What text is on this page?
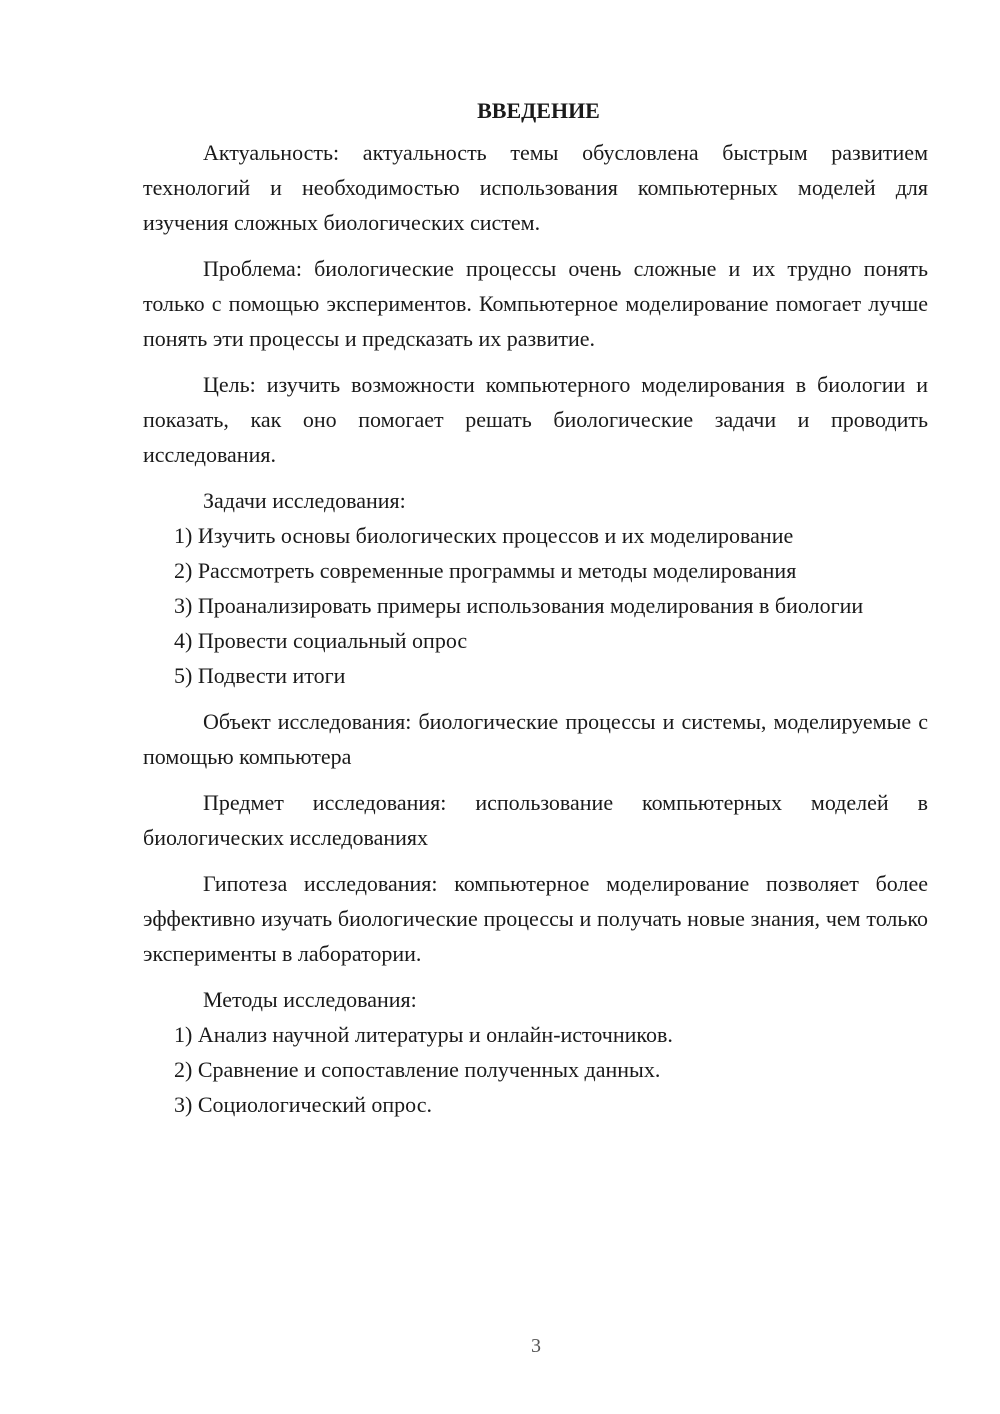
ВВЕДЕНИЕ

Актуальность: актуальность темы обусловлена быстрым развитием технологий и необходимостью использования компьютерных моделей для изучения сложных биологических систем.

Проблема: биологические процессы очень сложные и их трудно понять только с помощью экспериментов. Компьютерное моделирование помогает лучше понять эти процессы и предсказать их развитие.

Цель: изучить возможности компьютерного моделирования в биологии и показать, как оно помогает решать биологические задачи и проводить исследования.

Задачи исследования:

1) Изучить основы биологических процессов и их моделирование

2) Рассмотреть современные программы и методы моделирования

3) Проанализировать примеры использования моделирования в биологии

4) Провести социальный опрос

5) Подвести итоги

Объект исследования: биологические процессы и системы, моделируемые с помощью компьютера

Предмет исследования: использование компьютерных моделей в биологических исследованиях

Гипотеза исследования: компьютерное моделирование позволяет более эффективно изучать биологические процессы и получать новые знания, чем только эксперименты в лаборатории.

Методы исследования:

1) Анализ научной литературы и онлайн-источников.

2) Сравнение и сопоставление полученных данных.

3) Социологический опрос.

3
